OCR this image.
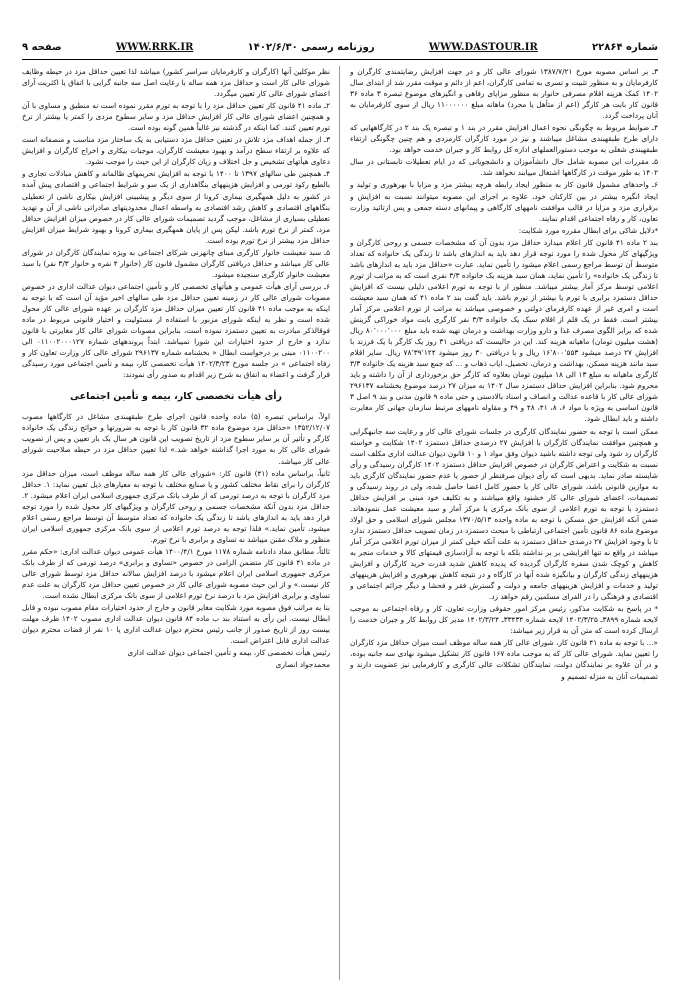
شماره ۲۲۸۶۴
WWW.DASTOUR.IR
روزنامه رسمی ۱۴۰۲/۶/۳۰
WWW.RRK.IR
صفحه ۹

۳ـ بر اساس مصوبه مورخ ۱۳۸۷/۷/۲۱ شورای عالی کار و در جهت افزایش رضایتمندی کارگران و کارفرمایان و به منظور تثبیت و تسری به تمامی کارگران، اعم از دائم و موقت مقرر شد از ابتدای سال ۱۴۰۲ کمک هزینه اقلام مصرفی خانوار به منظور مزایای رفاهی و انگیزهای موضوع تبصره ۳ ماده ۳۶ قانون کار بابت هر کارگر (اعم از متأهل یا مجرد) ماهانه مبلغ ۱۱۰۰۰۰۰۰ ریال از سوی کارفرمایان به آنان پرداخت گردد.

۴ـ ضوابط مربوط به چگونگی نحوه اعمال افزایش مقرر در بند ۱ و تبصره یک بند ۲ در کارگاههایی که دارای طرح طبقهبندی مشاغل میباشند و نیز در مورد کارگران کارمزدی و هم چنین چگونگی ارتقاء طبقهبندی شغلی به موجب دستورالعملهای اداره کل روابط کار و جبران خدمت خواهد بود.

۵ـ مقررات این مصوبه شامل حال دانشآموزان و دانشجویانی که در ایام تعطیلات تابستانی در سال ۱۴۰۲ به طور موقت در کارگاهها اشتغال مییابند نخواهد شد.

۶ـ واحدهای مشمول قانون کار به منظور ایجاد رابطه هرچه بیشتر مزد و مزایا با بهرهوری و تولید و ایجاد انگیزه بیشتر در بین کارکنان خود، علاوه بر اجرای این مصوبه میتوانند نسبت به افزایش و برقراری مزد و مزایا در قالب موافقت نامههای کارگاهی و پیمانهای دسته جمعی و پس ازتائید وزارت تعاون، کار و رفاه اجتماعی اقدام نمایند.

*دلایل شاکی برای ابطال مقرره مورد شکایت:

بند ۲ ماده ۴۱ قانون کار اعلام میدارد حداقل مزد بدون آن که مشخصات جسمی و روحی کارگران و ویژگیهای کار محول شده را مورد توجه قرار دهد باید به اندازهای باشد تا زندگی یک خانواده که تعداد متوسط آن توسط مراجع رسمی اعلام میشود را تأمین نماید. عبارت «حداقل مزد باید به اندازهای باشد تا زندگی یک خانواده» را تأمین نماید، همان سبد هزینه یک خانواده ۳/۳ نفری است که به مراتب از تورم اعلامی توسط مرکز آمار بیشتر میباشد. منظور از با توجه به تورم اعلامی دلیلی نیست که افزایش حداقل دستمزد برابری با تورم یا بیشتر از تورم باشد. باید گفت بند ۲ ماده ۴۱ که همان سبد معیشت است و امری غیر از عهده کارفرمای دولتی و خصوصی میباشد به مراتب از تورم اعلامی مرکز آمار بیشتر است. فقط در یک قلم از اقلام سبک یک خانواده ۳/۳ نفر کارگری بابت مواد خوراکی گزینش شده که برابر الگوی مصرف غذا و دارو وزارت بهداشت و درمان تهیه شده باید مبلغ ۸۰٬۰۰۰٬۰۰۰ ریال (هشت میلیون تومان) ماهیانه هزینه کند. این در حالیست که دریافتی ۳۱ روز یک کارگر با یک فرزند با افزایش ۲۷ درصد میشود ۱۶٬۸۰۰٬۵۵۳ ریال و با دریافتی ۳۰ روز میشود ۷۸٬۳۹٬۱۲۴ ریال. سایر اقلام سبد مانند هزینه مسکن، بهداشت و درمان، تحصیل، ایاب ذهاب و ... که جمع سبد هزینه یک خانواده ۳/۳ کارگری ماهیانه به مبلغ ۱۳ الی ۱۸ میلیون تومان بعلاوه که کارگر حق برخورداری از آن را داشته و باید محروم شود. بنابراین افزایش حداقل دستمزد سال ۱۴۰۲ به میزان ۲۷ درصد موضوع بخشنامه ۲۹۶۱۳۷ شورای عالی کار با قاعده عدالت و انصاف و اسناد بالادستی و حتی ماده ۹ قانون مدنی و بند ۹ اصل ۳ قانون اساسی به ویژه با مواد ۶، ۸، ۴۱، ۴۸ و ۴۹ و مقاوله نامههای مرتبط سازمان جهانی کار مغایرت داشته و باید ابطال شود.

ممکن است با توجه به حضور نمایندگان کارگری در جلسات شورای عالی کار و رعایت سه جانبهگرایی و همچنین موافقت نمایندگان کارگران با افزایش ۲۷ درصدی حداقل دستمزد ۱۴۰۲ شکایت و خواسته کارگران رد شود ولی توجه داشته باشید دیوان وفق مواد ۱ و ۱۰ قانون دیوان عدالت اداری مکلف است نسبت به شکایت و اعتراض کارگران در خصوص افزایش حداقل دستمزد ۱۴۰۲ کارگران رسیدگی و رأی شایسته صادر نماید. بدیهی است که رأی دیوان صرفنظر از حضور یا عدم حضور نمایندگان کارگری باید به موازین قانونی باشد، شورای عالی کار با حضور کامل اعضا حاصل شده، ولی در روند رسیدگی و تصمیمات، اعضای شورای عالی کار خشنود واقع میباشند و به تکلیف خود مبنی بر افزایش حداقل دستمزد با توجه به تورم اعلامی از سوی بانک مرکزی یا مرکز آمار و سبد معیشت عمل ننمودهاند. ضمن آنکه افزایش حق مسکن با توجه به ماده واحده ۱۳۷۰/۵/۱۳ مجلس شورای اسلامی و حق اولاد موضوع ماده ۸۶ قانون تأمین اجتماعی ارتباطی با مبحث دستمزد در زمان تصویب حداقل دستمزد ندارد تا با وجود افزایش ۲۷ درصدی حداقل دستمزد به علت آنکه خیلی کمتر از میزان تورم اعلامی مرکز آمار میباشد در واقع نه تنها افزایشی بر بر نداشته بلکه با توجه به آزادسازی قیمتهای کالا و خدمات منجر به کاهش و کوچک شدن سفره کارگران گردیده که پدیده کاهش شدید قدرت خرید کارگران و افزایش هزینههای زندگی کارگران و بیانگیزه شده آنها در کارگاه و در نتیجه کاهش بهرهوری و افزایش هزینههای تولید و خدمات و افزایش هزینههای جامعه و دولت و گسترش فقر و فحشا و دیگر جرائم اجتماعی و اقتصادی و فرهنگی را در الفرای مسلمین رقم خواهد زد.

* در پاسخ به شکایت مذکور، رئیس مرکز امور حقوقی وزارت تعاون، کار و رفاه اجتماعی به موجب لایحه شماره ۳۸۹۹ـ ۱۴۰۲/۳/۲۵ لایحه شماره ۳۳۴۳۴ـ ۱۴۰۲/۳/۲۴ مدیر کل روابط کار و جبران خدمت را ارسال کرده است که متن آن به قرار زیر میباشد:

«... با توجه به ماده ۴۱ قانون کار، شورای عالی کار همه ساله موظف است میزان حداقل مزد کارگران را تعیین نماید. شورای عالی کار که به موجب ماده ۱۶۷ قانون کار تشکیل میشود نهادی سه جانبه بوده، و در آن علاوه بر نمایندگان دولت، نمایندگان تشکلات عالی کارگری و کارفرمایی نیز عضویت دارند و تصمیمات آنان به منزله تصمیم و

نظر موکلین آنها (کارگران و کارفرمایان سراسر کشور) میباشد لذا تعیین حداقل مزد در حیطه وظایف شورای عالی کار است و حداقل مزد همه ساله با رعایت اصل سه جانبه گرایی با اتفاق یا اکثریت آرای اعضای شورای عالی کار تعیین میگردد.

۲ـ ماده ۴۱ قانون کار تعیین حداقل مزد را با توجه به تورم مقرر نموده است نه منطبق و مساوی با آن و همچنین اعضای شورای عالی کار افزایش حداقل مزد و سایر سطوح مزدی را کمتر یا بیشتر از نرخ تورم تعیین کنند. کما اینکه در گذشته نیز غالباً همین گونه بوده است.

۳ـ از جمله اهداف مزد تلاش در تعیین حداقل مزد دستیابی به یک ساختار مزد مناسب و منصفانه است که علاوه بر ارتقاء سطح درآمد و بهبود معیشت کارگران، موجبات بیکاری و اخراج کارگران و افزایش دعاوی هیأتهای تشخیص و حل اختلاف و زیان کارگران از این حیث را موجب نشود.

۴ـ همچنین طی سالهای ۱۳۹۷ تا ۱۴۰۰ با توجه به افزایش تحریمهای ظالمانه و کاهش مبادلات تجاری و بالطبع رکود تورمی و افزایش هزینههای بنگاهداری از یک سو و شرایط اجتماعی و اقتصادی پیش آمده در کشور به دلیل همهگیری بیماری کرونا از سوی دیگر و پیشبینی افزایش بیکاری ناشی از تعطیلی بنگاههای اقتصادی و کاهش رشد اقتصادی به واسطه اعمال محدودیتهای صادراتی ناشی از آن و تهدید تعطیلی بسیاری از مشاغل، موجب گردید تصمیمات شورای عالی کار در خصوص میزان افزایش حداقل مزد، کمتر از نرخ تورم باشد. لیکن پس از پایان همهگیری بیماری کرونا و بهبود شرایط میزان افزایش حداقل مزد بیشتر از نرخ تورم بوده است.

۵ـ سبد معیشت خانوار کارگری مبنای چانهزنی شرکای اجتماعی به ویژه نمایندگان کارگران در شورای عالی کار میباشد و حداقل دریافتی کارگران مشمول قانون کار (خانوار ۴ نفره و خانوار ۳/۳ نفر) با سبد معیشت خانوار کارگری سنجیده میشود.

۶ـ بررسی آرای هیأت عمومی و هیأتهای تخصصی کار و تأمین اجتماعی دیوان عدالت اداری در خصوص مصوبات شورای عالی کار در زمینه تعیین حداقل مزد طی سالهای اخیر مؤید آن است که با توجه به اینکه به موجب ماده ۴۱ قانون کار تعیین میزان حداقل مزد کارگران بر عهده شورای عالی کار محول شده است و نظر به اینکه شورای مزبور با استفاده از مسئولیت و اختیار قانونی مربوط در ماده فوقالذکر مبادرت به تعیین دستمزد نموده است، بنابراین مصوبات شورای عالی کار مغایرتی با قانون ندارد و خارج از حدود اختیارات این شورا نمیباشد. ابتداً پروندههای شماره ۰۱۱۰۰۲۰۰۰۱۲۷ الی ۰۱۱۰۰۲۰۰ مبنی بر درخواست ابطال « بخشنامه شماره ۲۹۶۱۳۷ شورای عالی کار وزارت تعاون کار و رفاه اجتماعی » در جلسه مورخ ۱۴۰۲/۳/۲۳ هیأت تخصصی کار، بیمه و تأمین اجتماعی مورد رسیدگی قرار گرفت و اعضاء به اتفاق به شرح زیر اقدام به صدور رأی نمودند:

رأی هیأت تخصصی کار، بیمه و تأمین اجتماعی

اولاً، براساس تبصره (۵) ماده واحده قانون اجرای طرح طبقهبندی مشاغل در کارگاهها مصوب ۱۳۵۲/۱۲/۰۷ «حداقل مزد موضوع ماده ۳۲ قانون کار با توجه به ضرورتها و حوائج زندگی یک خانواده کارگر و تأثیر آن بر سایر سطوح مزد از تاریخ تصویب این قانون هر سال یک بار تعیین و پس از تصویب شورای عالی کار به مورد اجرا گذاشته خواهد شد.» لذا تعیین حداقل مزد در حیطه صلاحیت شورای عالی کار میباشد.

ثانیاً، براساس ماده (۴۱) قانون کار: «شورای عالی کار همه ساله موظف است، میزان حداقل مزد کارگران را برای نقاط مختلف کشور و یا صنایع مختلف با توجه به معیارهای ذیل تعیین نماید: ۱. حداقل مزد کارگران با توجه به درصد تورمی که از طرف بانک مرکزی جمهوری اسلامی ایران اعلام میشود. ۲. حداقل مزد بدون آنکه مشخصات جسمی و روحی کارگران و ویژگیهای کار محول شده را مورد توجه قرار دهد باید به اندازهای باشد تا زندگی یک خانواده که تعداد متوسط آن توسط مراجع رسمی اعلام میشود، تأمین نماید.» فلذا توجه به درصد تورم اعلامی از سوی بانک مرکزی جمهوری اسلامی ایران منظور و ملاک مقنن میباشد نه تساوی و برابری با نرخ تورم.

ثالثاً، مطابق مفاد دادنامه شماره ۱۱۷۸ مورخ ۱۴۰۰/۴/۱ هیأت عمومی دیوان عدالت اداری: «حکم مقرر در ماده ۴۱ قانون کار متضمن الزامی در خصوص «تساوی و برابری» درصد تورمی که از طرف بانک مرکزی جمهوری اسلامی ایران اعلام میشود با درصد افزایش سالانه حداقل مزد توسط شورای عالی کار نیست.» و از این حیث مصوبه شورای عالی کار در خصوص تعیین حداقل مزد کارگران به علت عدم تساوی و برابری افزایش مزد با درصد نرخ تورم اعلامی از سوی بانک مرکزی ابطال نشده است.

بنا به مراتب فوق مصوبه مورد شکایت مغایر قانون و خارج از حدود اختیارات مقام مصوب نبوده و قابل ابطال نیست. این رأی به استناد بند ب ماده ۸۴ قانون دیوان عدالت اداری مصوب ۱۴۰۲ ظرف مهلت بیست روز از تاریخ صدور از جانب رئیس محترم دیوان عدالت اداری یا ۱۰ نفر از قضات محترم دیوان عدالت اداری قابل اعتراض است.

رئیس هیأت تخصصی کار، بیمه و تأمین اجتماعی دیوان عدالت اداری

محمدجواد انصاری
